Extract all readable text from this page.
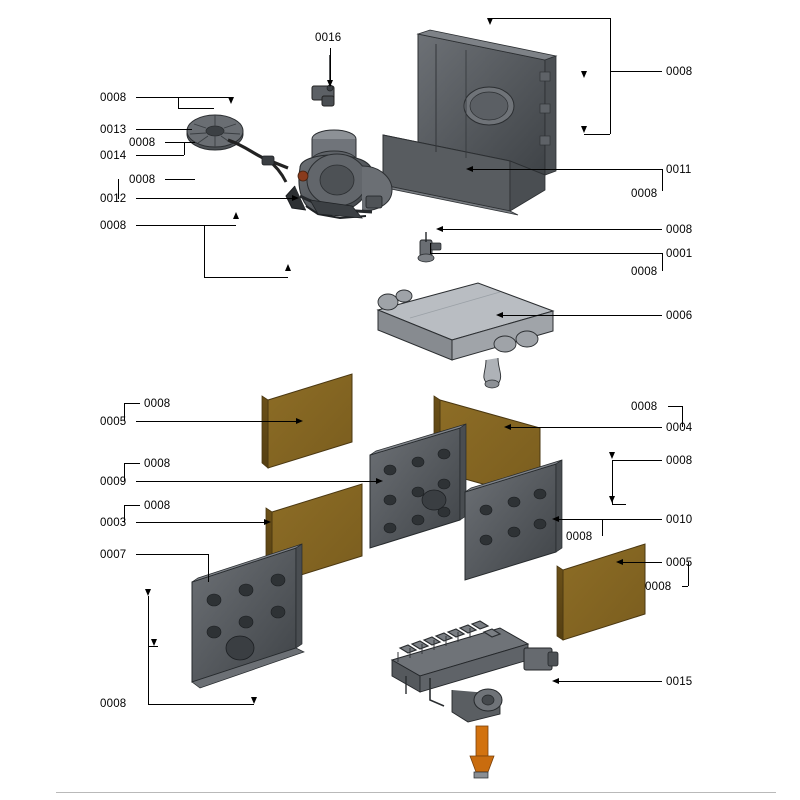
0016
0008
0008
0013
0008
0014
0008
0011
0012	0008
0008	0008
0001
0008
0006
0008	0008
0005	0004
0008	0008
0009
0008
0003	0010
0008
0007
0005
0008
0008
0015
